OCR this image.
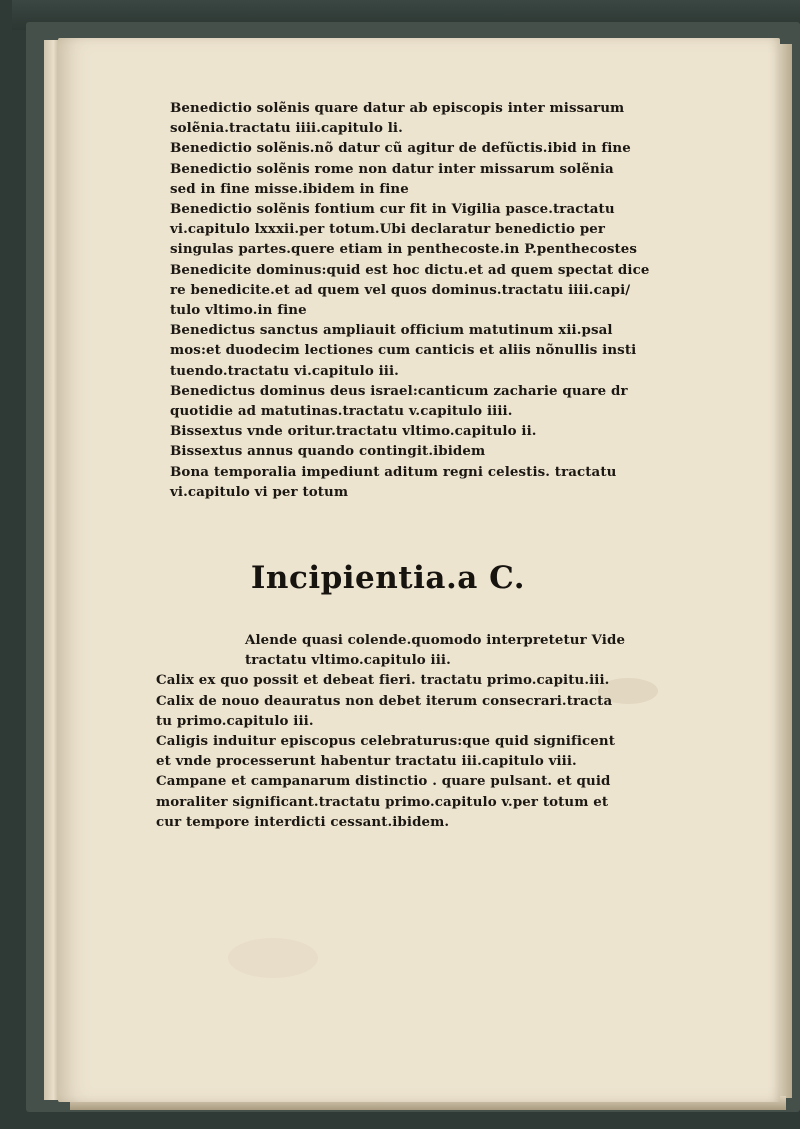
Benedictio solẽnis quare datur ab episcopis inter missarum
solẽnia.tractatu iiii.capitulo li.
Benedictio solẽnis.nõ datur cũ agitur de defũctis.ibid in fine
Benedictio solẽnis rome non datur inter missarum solẽnia
sed in fine misse.ibidem in fine
Benedictio solẽnis fontium cur fit in Vigilia pasce.tractatu
vi.capitulo lxxxii.per totum.Ubi declaratur benedictio per
singulas partes.quere etiam in penthecoste.in P.penthecostes
Benedicite dominus:quid est hoc dictu.et ad quem spectat dice
re benedicite.et ad quem vel quos dominus.tractatu iiii.capi/
tulo vltimo.in fine
Benedictus sanctus ampliauit officium matutinum xii.psal
mos:et duodecim lectiones cum canticis et aliis nõnullis insti
tuendo.tractatu vi.capitulo iii.
Benedictus dominus deus israel:canticum zacharie quare dr
quotidie ad matutinas.tractatu v.capitulo iiii.
Bissextus vnde oritur.tractatu vltimo.capitulo ii.
Bissextus annus quando contingit.ibidem
Bona temporalia impediunt aditum regni celestis. tractatu
vi.capitulo vi per totum
Alende quasi colende.quomodo interpretetur Vide
tractatu vltimo.capitulo iii.
Calix ex quo possit et debeat fieri. tractatu primo.capitu.iii.
Calix de nouo deauratus non debet iterum consecrari.tracta
tu primo.capitulo iii.
Caligis induitur episcopus celebraturus:que quid significent
et vnde processerunt habentur tractatu iii.capitulo viii.
Campane et campanarum distinctio . quare pulsant. et quid
moraliter significant.tractatu primo.capitulo v.per totum et
cur tempore interdicti cessant.ibidem.
Incipientia.a C.
